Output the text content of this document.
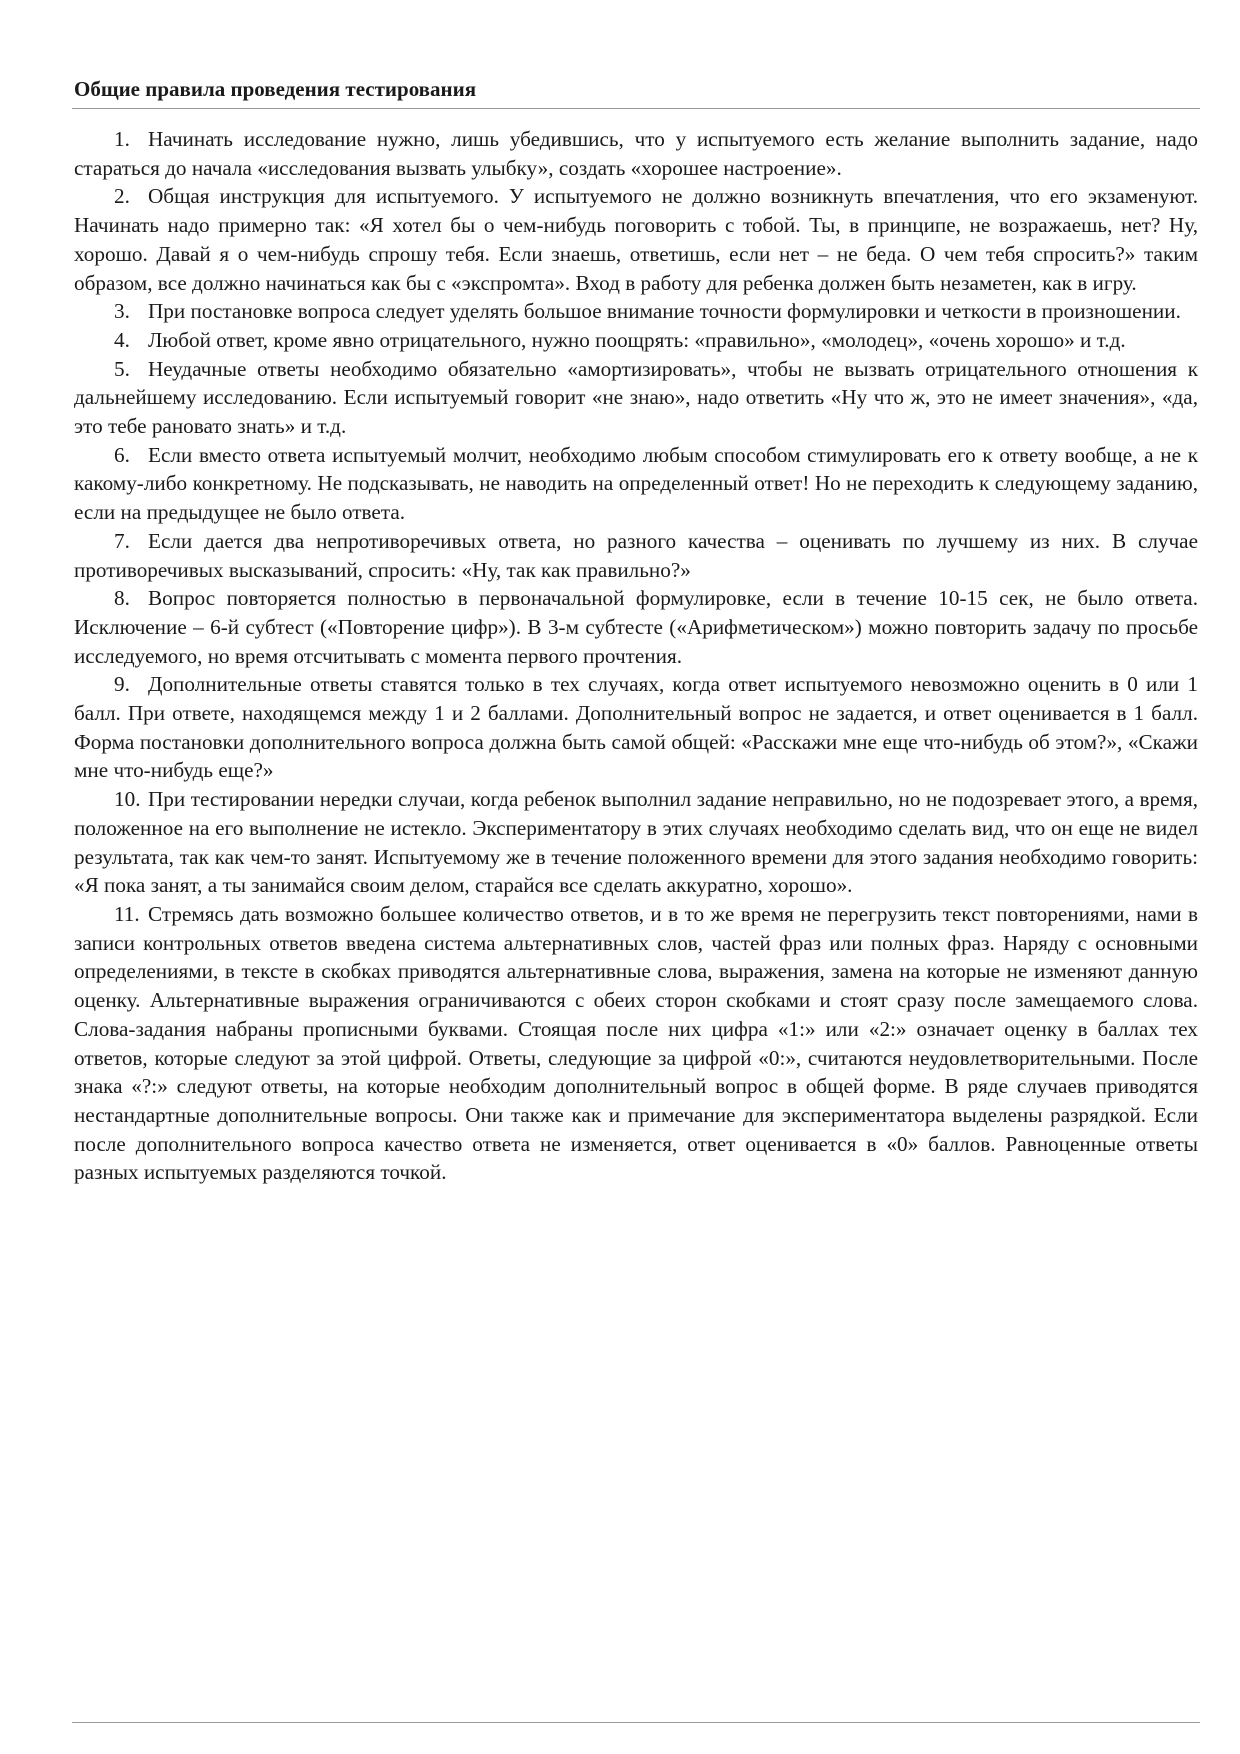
Общие правила проведения тестирования
1. Начинать исследование нужно, лишь убедившись, что у испытуемого есть желание выполнить задание, надо стараться до начала «исследования вызвать улыбку», создать «хорошее настроение».
2. Общая инструкция для испытуемого. У испытуемого не должно возникнуть впечатления, что его экзаменуют. Начинать надо примерно так: «Я хотел бы о чем-нибудь поговорить с тобой. Ты, в принципе, не возражаешь, нет? Ну, хорошо. Давай я о чем-нибудь спрошу тебя. Если знаешь, ответишь, если нет – не беда. О чем тебя спросить?» таким образом, все должно начинаться как бы с «экспромта». Вход в работу для ребенка должен быть незаметен, как в игру.
3. При постановке вопроса следует уделять большое внимание точности формулировки и четкости в произношении.
4. Любой ответ, кроме явно отрицательного, нужно поощрять: «правильно», «молодец», «очень хорошо» и т.д.
5. Неудачные ответы необходимо обязательно «амортизировать», чтобы не вызвать отрицательного отношения к дальнейшему исследованию. Если испытуемый говорит «не знаю», надо ответить «Ну что ж, это не имеет значения», «да, это тебе рановато знать» и т.д.
6. Если вместо ответа испытуемый молчит, необходимо любым способом стимулировать его к ответу вообще, а не к какому-либо конкретному. Не подсказывать, не наводить на определенный ответ! Но не переходить к следующему заданию, если на предыдущее не было ответа.
7. Если дается два непротиворечивых ответа, но разного качества – оценивать по лучшему из них. В случае противоречивых высказываний, спросить: «Ну, так как правильно?»
8. Вопрос повторяется полностью в первоначальной формулировке, если в течение 10-15 сек, не было ответа. Исключение – 6-й субтест («Повторение цифр»). В 3-м субтесте («Арифметическом») можно повторить задачу по просьбе исследуемого, но время отсчитывать с момента первого прочтения.
9. Дополнительные ответы ставятся только в тех случаях, когда ответ испытуемого невозможно оценить в 0 или 1 балл. При ответе, находящемся между 1 и 2 баллами. Дополнительный вопрос не задается, и ответ оценивается в 1 балл. Форма постановки дополнительного вопроса должна быть самой общей: «Расскажи мне еще что-нибудь об этом?», «Скажи мне что-нибудь еще?»
10. При тестировании нередки случаи, когда ребенок выполнил задание неправильно, но не подозревает этого, а время, положенное на его выполнение не истекло. Экспериментатору в этих случаях необходимо сделать вид, что он еще не видел результата, так как чем-то занят. Испытуемому же в течение положенного времени для этого задания необходимо говорить: «Я пока занят, а ты занимайся своим делом, старайся все сделать аккуратно, хорошо».
11. Стремясь дать возможно большее количество ответов, и в то же время не перегрузить текст повторениями, нами в записи контрольных ответов введена система альтернативных слов, частей фраз или полных фраз. Наряду с основными определениями, в тексте в скобках приводятся альтернативные слова, выражения, замена на которые не изменяют данную оценку. Альтернативные выражения ограничиваются с обеих сторон скобками и стоят сразу после замещаемого слова. Слова-задания набраны прописными буквами. Стоящая после них цифра «1:» или «2:» означает оценку в баллах тех ответов, которые следуют за этой цифрой. Ответы, следующие за цифрой «0:», считаются неудовлетворительными. После знака «?:» следуют ответы, на которые необходим дополнительный вопрос в общей форме. В ряде случаев приводятся нестандартные дополнительные вопросы. Они также как и примечание для экспериментатора выделены разрядкой. Если после дополнительного вопроса качество ответа не изменяется, ответ оценивается в «0» баллов. Равноценные ответы разных испытуемых разделяются точкой.
